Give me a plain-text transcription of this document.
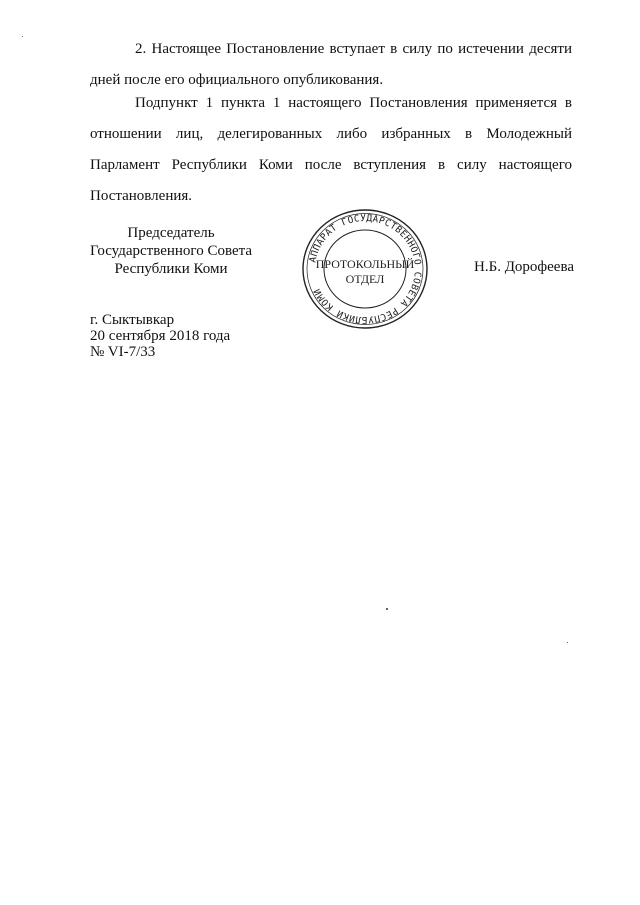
2. Настоящее Постановление вступает в силу по истечении десяти дней после его официального опубликования.
Подпункт 1 пункта 1 настоящего Постановления применяется в отношении лиц, делегированных либо избранных в Молодежный Парламент Республики Коми после вступления в силу настоящего Постановления.
Председатель
Государственного Совета
Республики Коми
АППАРАТ ГОСУДАРСТВЕННОГО СОВЕТА РЕСПУБЛИКИ КОМИ
ПРОТОКОЛЬНЫЙ
ОТДЕЛ
Н.Б. Дорофеева
г. Сыктывкар
20 сентября 2018 года
№ VI-7/33
